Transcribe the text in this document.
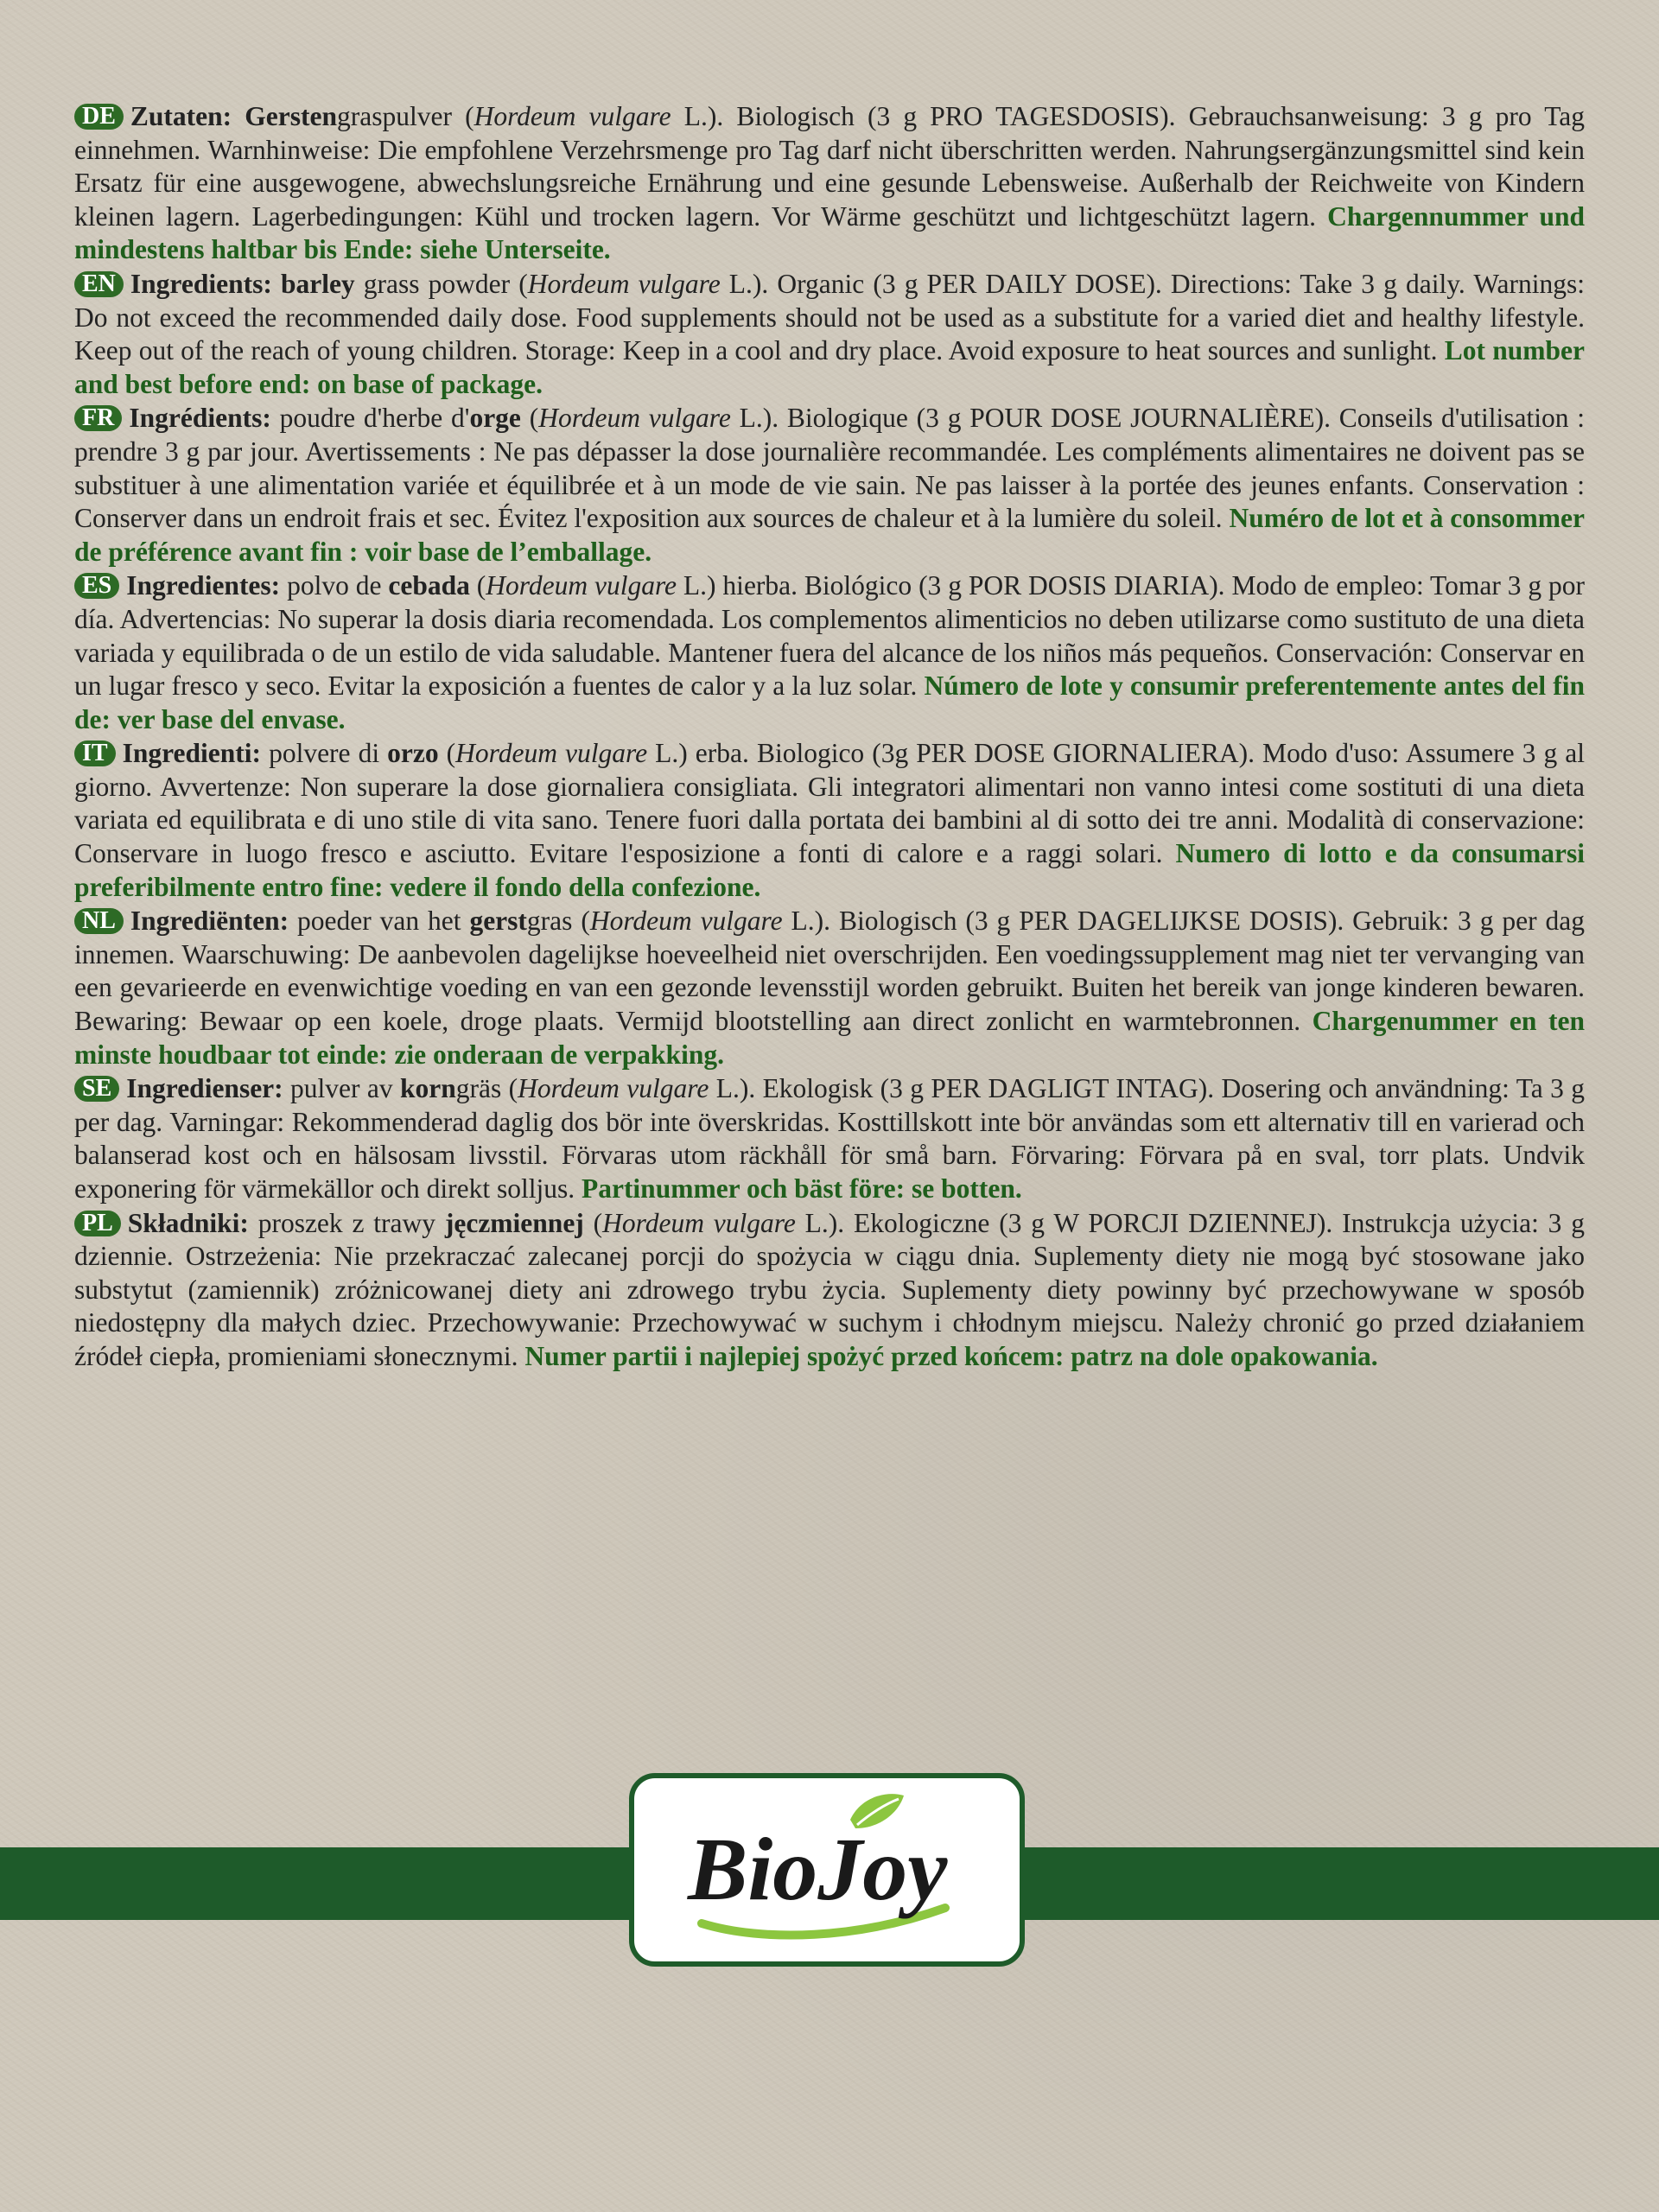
DE Zutaten: Gerstengraspulver (Hordeum vulgare L.). Biologisch (3 g PRO TAGESDOSIS). Gebrauchsanweisung: 3 g pro Tag einnehmen. Warnhinweise: Die empfohlene Verzehrsmenge pro Tag darf nicht überschritten werden. Nahrungsergänzungsmittel sind kein Ersatz für eine ausgewogene, abwechslungsreiche Ernährung und eine gesunde Lebensweise. Außerhalb der Reichweite von Kindern kleinen lagern. Lagerbedingungen: Kühl und trocken lagern. Vor Wärme geschützt und lichtgeschützt lagern. Chargennummer und mindestens haltbar bis Ende: siehe Unterseite.
EN Ingredients: barley grass powder (Hordeum vulgare L.). Organic (3 g PER DAILY DOSE). Directions: Take 3 g daily. Warnings: Do not exceed the recommended daily dose. Food supplements should not be used as a substitute for a varied diet and healthy lifestyle. Keep out of the reach of young children. Storage: Keep in a cool and dry place. Avoid exposure to heat sources and sunlight. Lot number and best before end: on base of package.
FR Ingrédients: poudre d'herbe d'orge (Hordeum vulgare L.). Biologique (3 g POUR DOSE JOURNALIÈRE). Conseils d'utilisation : prendre 3 g par jour. Avertissements : Ne pas dépasser la dose journalière recommandée. Les compléments alimentaires ne doivent pas se substituer à une alimentation variée et équilibrée et à un mode de vie sain. Ne pas laisser à la portée des jeunes enfants. Conservation : Conserver dans un endroit frais et sec. Évitez l'exposition aux sources de chaleur et à la lumière du soleil. Numéro de lot et à consommer de préférence avant fin : voir base de l’emballage.
ES Ingredientes: polvo de cebada (Hordeum vulgare L.) hierba. Biológico (3 g POR DOSIS DIARIA). Modo de empleo: Tomar 3 g por día. Advertencias: No superar la dosis diaria recomendada. Los complementos alimenticios no deben utilizarse como sustituto de una dieta variada y equilibrada o de un estilo de vida saludable. Mantener fuera del alcance de los niños más pequeños. Conservación: Conservar en un lugar fresco y seco. Evitar la exposición a fuentes de calor y a la luz solar. Número de lote y consumir preferentemente antes del fin de: ver base del envase.
IT Ingredienti: polvere di orzo (Hordeum vulgare L.) erba. Biologico (3g PER DOSE GIORNALIERA). Modo d'uso: Assumere 3 g al giorno. Avvertenze: Non superare la dose giornaliera consigliata. Gli integratori alimentari non vanno intesi come sostituti di una dieta variata ed equilibrata e di uno stile di vita sano. Tenere fuori dalla portata dei bambini al di sotto dei tre anni. Modalità di conservazione: Conservare in luogo fresco e asciutto. Evitare l'esposizione a fonti di calore e a raggi solari. Numero di lotto e da consumarsi preferibilmente entro fine: vedere il fondo della confezione.
NL Ingrediënten: poeder van het gerstgras (Hordeum vulgare L.). Biologisch (3 g PER DAGELIJKSE DOSIS). Gebruik: 3 g per dag innemen. Waarschuwing: De aanbevolen dagelijkse hoeveelheid niet overschrijden. Een voedingssupplement mag niet ter vervanging van een gevarieerde en evenwichtige voeding en van een gezonde levensstijl worden gebruikt. Buiten het bereik van jonge kinderen bewaren. Bewaring: Bewaar op een koele, droge plaats. Vermijd blootstelling aan direct zonlicht en warmtebronnen. Chargenummer en ten minste houdbaar tot einde: zie onderaan de verpakking.
SE Ingredienser: pulver av korngräs (Hordeum vulgare L.). Ekologisk (3 g PER DAGLIGT INTAG). Dosering och användning: Ta 3 g per dag. Varningar: Rekommenderad daglig dos bör inte överskridas. Kosttillskott inte bör användas som ett alternativ till en varierad och balanserad kost och en hälsosam livsstil. Förvaras utom räckhåll för små barn. Förvaring: Förvara på en sval, torr plats. Undvik exponering för värmekällor och direkt solljus. Partinummer och bäst före: se botten.
PL Składniki: proszek z trawy jęczmiennej (Hordeum vulgare L.). Ekologiczne (3 g W PORCJI DZIENNEJ). Instrukcja użycia: 3 g dziennie. Ostrzeżenia: Nie przekraczać zalecanej porcji do spożycia w ciągu dnia. Suplementy diety nie mogą być stosowane jako substytut (zamiennik) zróżnicowanej diety ani zdrowego trybu życia. Suplementy diety powinny być przechowywane w sposób niedostępny dla małych dziec. Przechowywanie: Przechowywać w suchym i chłodnym miejscu. Należy chronić go przed działaniem źródeł ciepła, promieniami słonecznymi. Numer partii i najlepiej spożyć przed końcem: patrz na dole opakowania.
BioJoy
